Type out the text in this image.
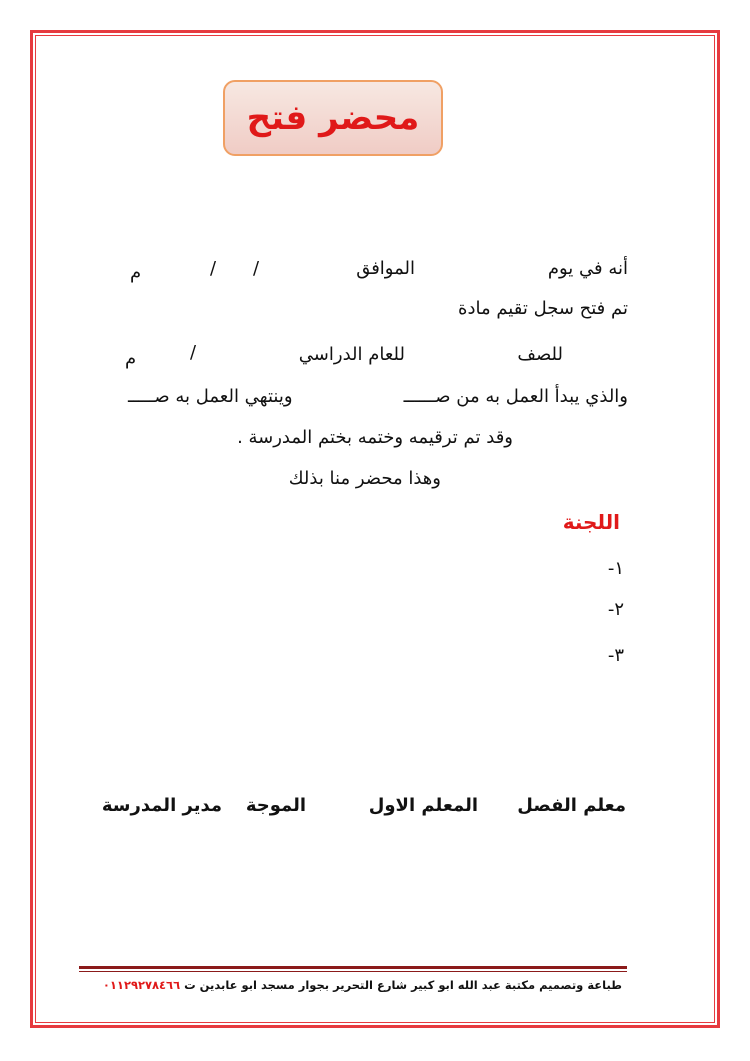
محضر فتح
أنه في يوم
الموافق
/
/
م
تم فتح سجل تقيم مادة
للصف
للعام الدراسي
/
م
والذي يبدأ العمل به من صــــــ
وينتهي العمل به صـــــ
وقد تم ترقيمه وختمه بختم المدرسة .
وهذا محضر منا بذلك
اللجنة
١-
٢-
٣-
معلم الفصل
المعلم الاول
الموجة
مدير المدرسة
طباعة وتصميم مكتبة عبد الله ابو كبير شارع التحرير بجوار مسجد ابو عابدين ت ٠١١٢٩٢٧٨٤٦٦
